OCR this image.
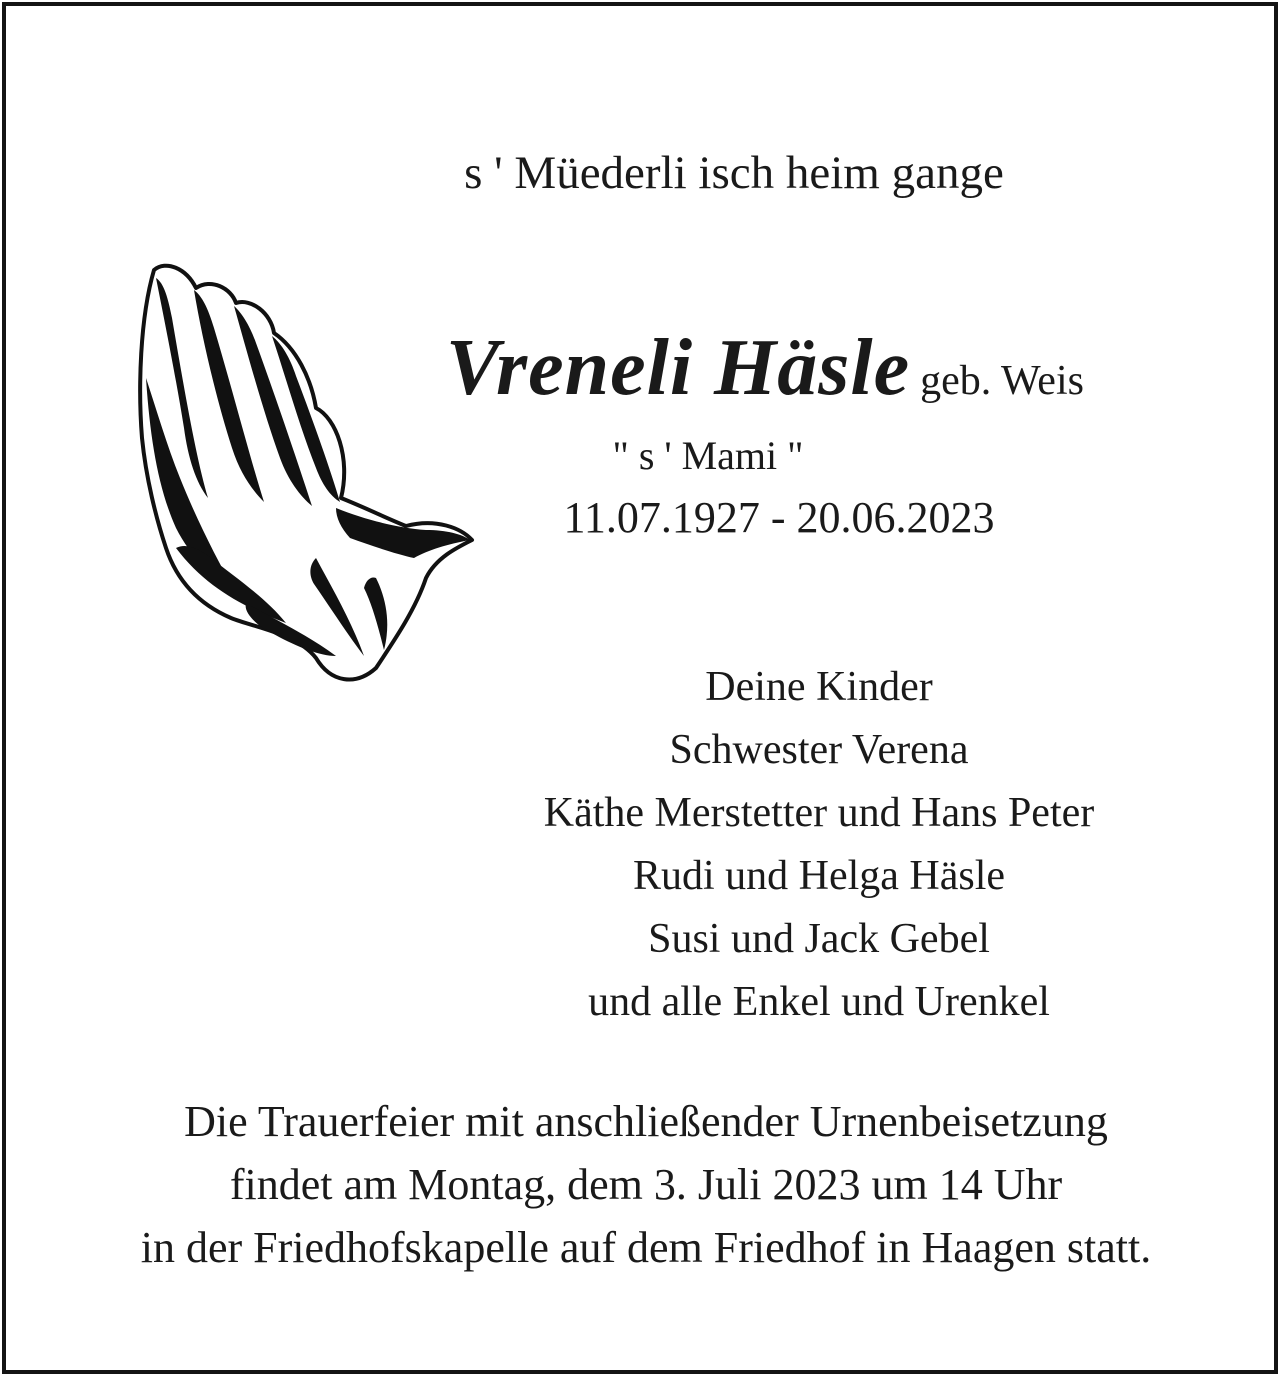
s ' Müederli isch heim gange
Vreneli Häsle geb. Weis
" s ' Mami "
11.07.1927 - 20.06.2023
Deine Kinder
Schwester Verena
Käthe Merstetter und Hans Peter
Rudi und Helga Häsle
Susi und Jack Gebel
und alle Enkel und Urenkel
Die Trauerfeier mit anschließender Urnenbeisetzung
findet am Montag, dem 3. Juli 2023 um 14 Uhr
in der Friedhofskapelle auf dem Friedhof in Haagen statt.
